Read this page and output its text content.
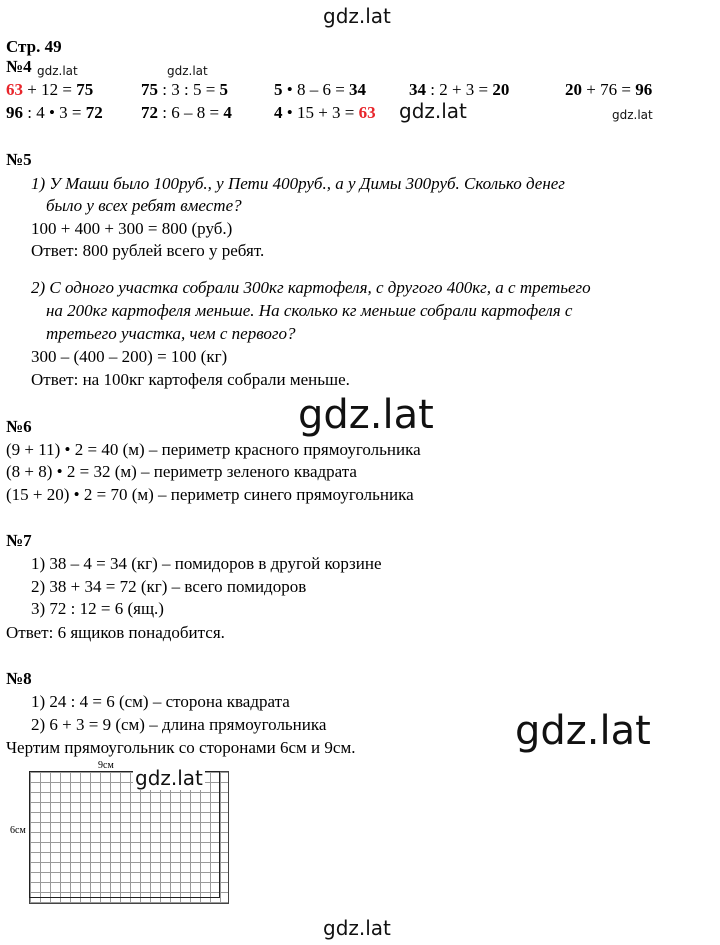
gdz.lat
gdz.lat	gdz.lat
gdz.lat
gdz.lat
gdz.lat
gdz.lat
gdz.lat
Стр. 49
№4
63 + 12 = 75	75 : 3 : 5 = 5	5 • 8 – 6 = 34	34 : 2 + 3 = 20	20 + 76 = 96
96 : 4 • 3 = 72 72 : 6 – 8 = 4 4 • 15 + 3 = 63
№5
1) У Маши было 100руб., у Пети 400руб., а у Димы 300руб. Сколько денег
было у всех ребят вместе?
100 + 400 + 300 = 800 (руб.)
Ответ: 800 рублей всего у ребят.
2) С одного участка собрали 300кг картофеля, с другого 400кг, а с третьего
на 200кг картофеля меньше. На сколько кг меньше собрали картофеля с
третьего участка, чем с первого?
300 – (400 – 200) = 100 (кг)
Ответ: на 100кг картофеля собрали меньше.
№6
(9 + 11) • 2 = 40 (м) – периметр красного прямоугольника
(8 + 8) • 2 = 32 (м) – периметр зеленого квадрата
(15 + 20) • 2 = 70 (м) – периметр синего прямоугольника
№7
1) 38 – 4 = 34 (кг) – помидоров в другой корзине
2) 38 + 34 = 72 (кг) – всего помидоров
3) 72 : 12 = 6 (ящ.)
Ответ: 6 ящиков понадобится.
№8
1) 24 : 4 = 6 (см) – сторона квадрата
2) 6 + 3 = 9 (см) – длина прямоугольника
Чертим прямоугольник со сторонами 6см и 9см.
9см
6см
gdz.lat
